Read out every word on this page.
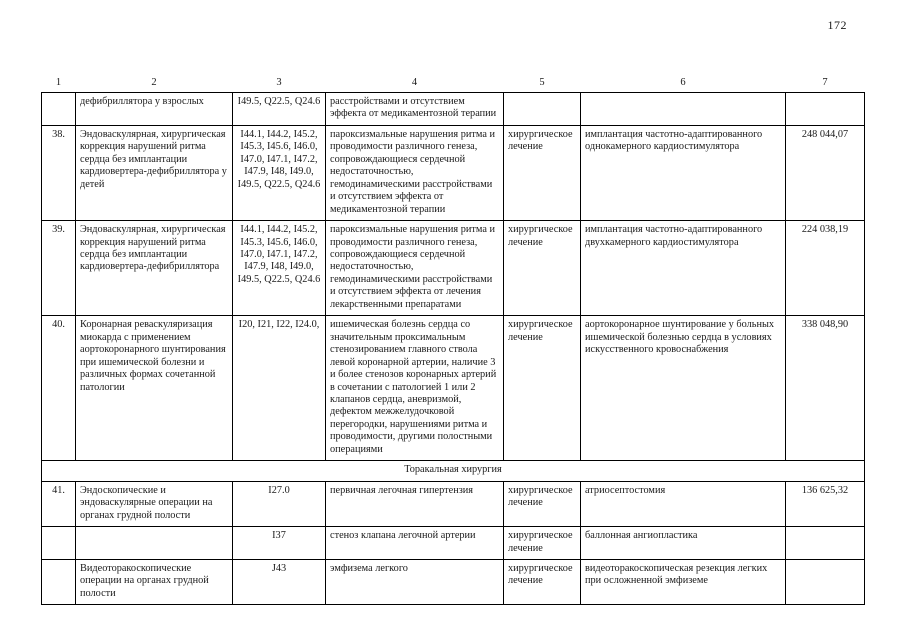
172
1	2	3	4	5	6	7
	дефибриллятора у взрослых	I49.5, Q22.5, Q24.6	расстройствами и отсутствием эффекта от медикаментозной терапии			
38.	Эндоваскулярная, хирургическая коррекция нарушений ритма сердца без имплантации кардиовертера-дефибриллятора у детей	I44.1, I44.2, I45.2, I45.3, I45.6, I46.0, I47.0, I47.1, I47.2, I47.9, I48, I49.0, I49.5, Q22.5, Q24.6	пароксизмальные нарушения ритма и проводимости различного генеза, сопровождающиеся сердечной недостаточностью, гемодинамическими расстройствами и отсутствием эффекта от медикаментозной терапии	хирургическое лечение	имплантация частотно-адаптированного однокамерного кардиостимулятора	248 044,07
39.	Эндоваскулярная, хирургическая коррекция нарушений ритма сердца без имплантации кардиовертера-дефибриллятора	I44.1, I44.2, I45.2, I45.3, I45.6, I46.0, I47.0, I47.1, I47.2, I47.9, I48, I49.0, I49.5, Q22.5, Q24.6	пароксизмальные нарушения ритма и проводимости различного генеза, сопровождающиеся сердечной недостаточностью, гемодинамическими расстройствами и отсутствием эффекта от лечения лекарственными препаратами	хирургическое лечение	имплантация частотно-адаптированного двухкамерного кардиостимулятора	224 038,19
40.	Коронарная реваскуляризация миокарда с применением аортокоронарного шунтирования при ишемической болезни и различных формах сочетанной патологии	I20, I21, I22, I24.0,	ишемическая болезнь сердца со значительным проксимальным стенозированием главного ствола левой коронарной артерии, наличие 3 и более стенозов коронарных артерий в сочетании с патологией 1 или 2 клапанов сердца, аневризмой, дефектом межжелудочковой перегородки, нарушениями ритма и проводимости, другими полостными операциями	хирургическое лечение	аортокоронарное шунтирование у больных ишемической болезнью сердца в условиях искусственного кровоснабжения	338 048,90
Торакальная хирургия						
41.	Эндоскопические и эндоваскулярные операции на органах грудной полости	I27.0	первичная легочная гипертензия	хирургическое лечение	атриосептостомия	136 625,32
		I37	стеноз клапана легочной артерии	хирургическое лечение	баллонная ангиопластика	
	Видеоторакоскопические операции на органах грудной полости	J43	эмфизема легкого	хирургическое лечение	видеоторакоскопическая резекция легких при осложненной эмфиземе	
